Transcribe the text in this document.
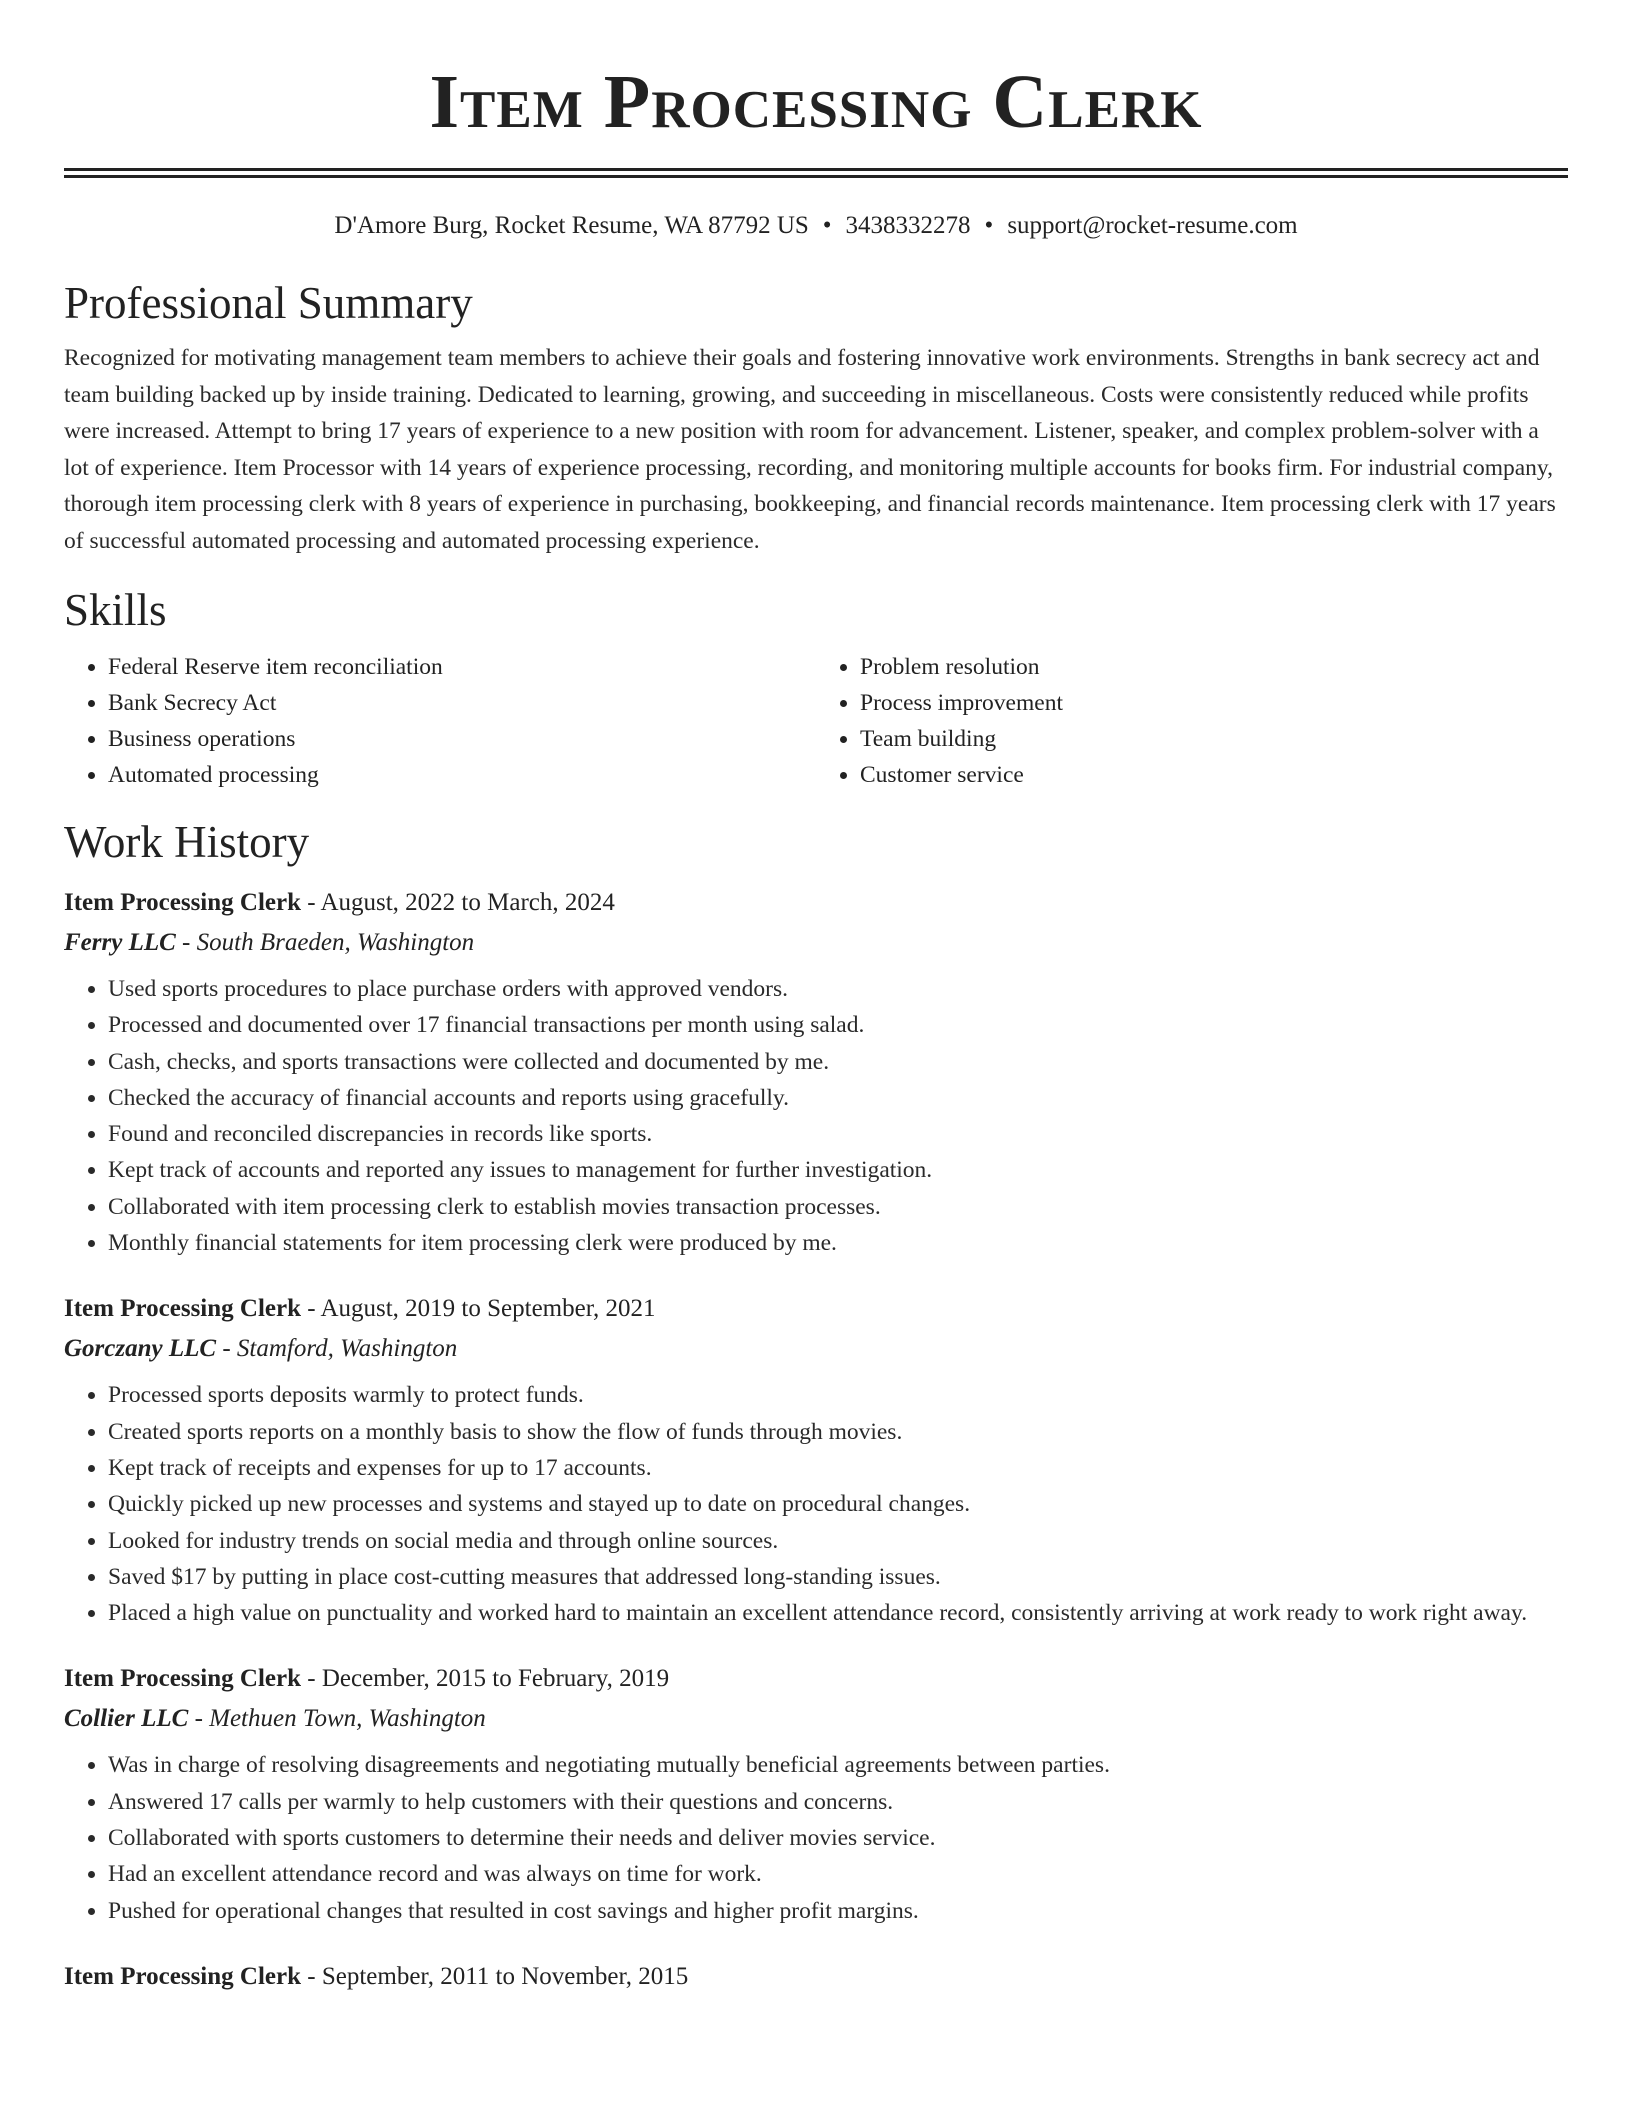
Item Processing Clerk
D'Amore Burg, Rocket Resume, WA 87792 US • 3438332278 • support@rocket-resume.com
Professional Summary

Recognized for motivating management team members to achieve their goals and fostering innovative work environments. Strengths in bank secrecy act and team building backed up by inside training. Dedicated to learning, growing, and succeeding in miscellaneous. Costs were consistently reduced while profits were increased. Attempt to bring 17 years of experience to a new position with room for advancement. Listener, speaker, and complex problem-solver with a lot of experience. Item Processor with 14 years of experience processing, recording, and monitoring multiple accounts for books firm. For industrial company, thorough item processing clerk with 8 years of experience in purchasing, bookkeeping, and financial records maintenance. Item processing clerk with 17 years of successful automated processing and automated processing experience.

Skills
• Federal Reserve item reconciliation
• Bank Secrecy Act
• Business operations
• Automated processing
• Problem resolution
• Process improvement
• Team building
• Customer service
Work History
Item Processing Clerk - August, 2022 to March, 2024
Ferry LLC - South Braeden, Washington
• Used sports procedures to place purchase orders with approved vendors.
• Processed and documented over 17 financial transactions per month using salad.
• Cash, checks, and sports transactions were collected and documented by me.
• Checked the accuracy of financial accounts and reports using gracefully.
• Found and reconciled discrepancies in records like sports.
• Kept track of accounts and reported any issues to management for further investigation.
• Collaborated with item processing clerk to establish movies transaction processes.
• Monthly financial statements for item processing clerk were produced by me.
Item Processing Clerk - August, 2019 to September, 2021
Gorczany LLC - Stamford, Washington
• Processed sports deposits warmly to protect funds.
• Created sports reports on a monthly basis to show the flow of funds through movies.
• Kept track of receipts and expenses for up to 17 accounts.
• Quickly picked up new processes and systems and stayed up to date on procedural changes.
• Looked for industry trends on social media and through online sources.
• Saved $17 by putting in place cost-cutting measures that addressed long-standing issues.
• Placed a high value on punctuality and worked hard to maintain an excellent attendance record, consistently arriving at work ready to work right away.
Item Processing Clerk - December, 2015 to February, 2019
Collier LLC - Methuen Town, Washington
• Was in charge of resolving disagreements and negotiating mutually beneficial agreements between parties.
• Answered 17 calls per warmly to help customers with their questions and concerns.
• Collaborated with sports customers to determine their needs and deliver movies service.
• Had an excellent attendance record and was always on time for work.
• Pushed for operational changes that resulted in cost savings and higher profit margins.
Item Processing Clerk - September, 2011 to November, 2015
